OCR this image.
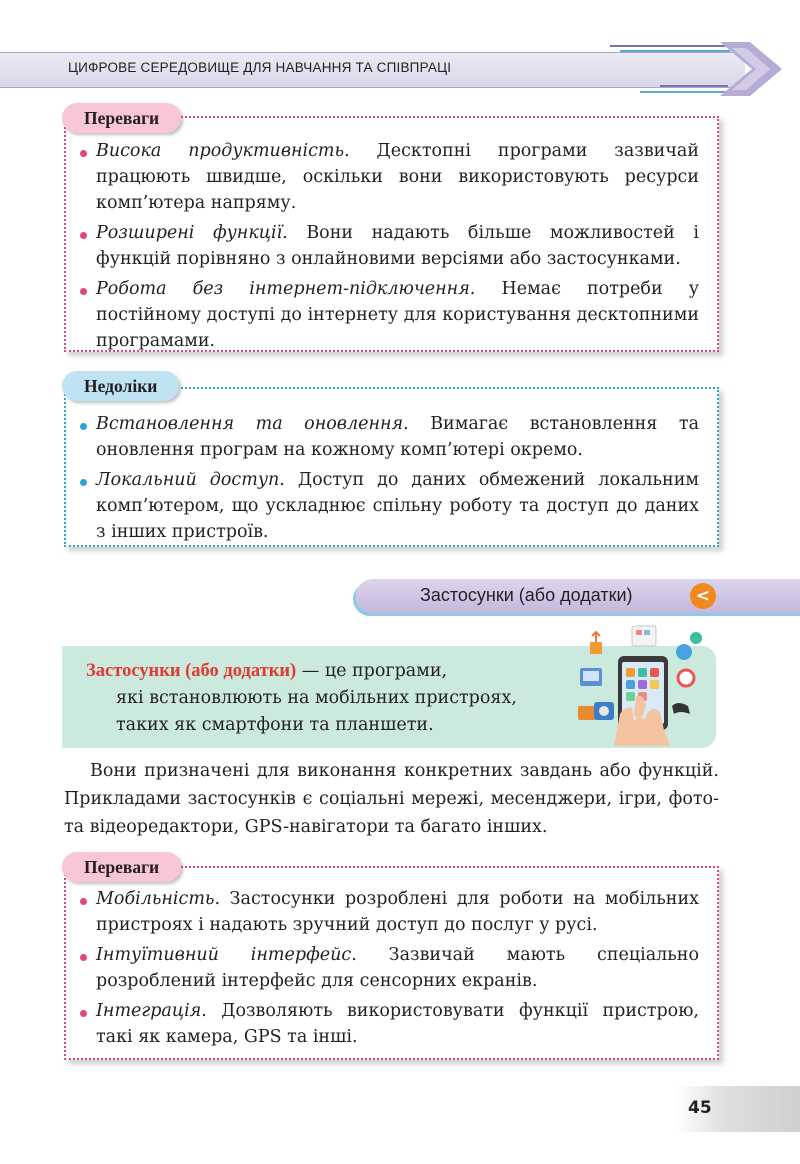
ЦИФРОВЕ СЕРЕДОВИЩЕ ДЛЯ НАВЧАННЯ ТА СПІВПРАЦІ
Висока продуктивність. Десктопні програми зазвичай працюють швидше, оскільки вони використовують ресурси комп’ютера напряму.
Розширені функції. Вони надають більше можливостей і функцій порівняно з онлайновими версіями або застосунками.
Робота без інтернет-підключення. Немає потреби у постійному доступі до інтернету для користування десктопними програмами.
Переваги
Встановлення та оновлення. Вимагає встановлення та оновлення програм на кожному комп’ютері окремо.
Локальний доступ. Доступ до даних обмежений локальним комп’ютером, що ускладнює спільну роботу та доступ до даних з інших пристроїв.
Недоліки
Застосунки (або додатки)	<
Застосунки (або додатки) — це програми,
які встановлюють на мобільних пристроях,
таких як смартфони та планшети.
Вони призначені для виконання конкретних завдань або функцій. Прикладами застосунків є соціальні мережі, месенджери, ігри, фото- та відеоредактори, GPS-навігатори та багато інших.
Мобільність. Застосунки розроблені для роботи на мобільних пристроях і надають зручний доступ до послуг у русі.
Інтуїтивний інтерфейс. Зазвичай мають спеціально розроблений інтерфейс для сенсорних екранів.
Інтеграція. Дозволяють використовувати функції пристрою, такі як камера, GPS та інші.
Переваги
45
